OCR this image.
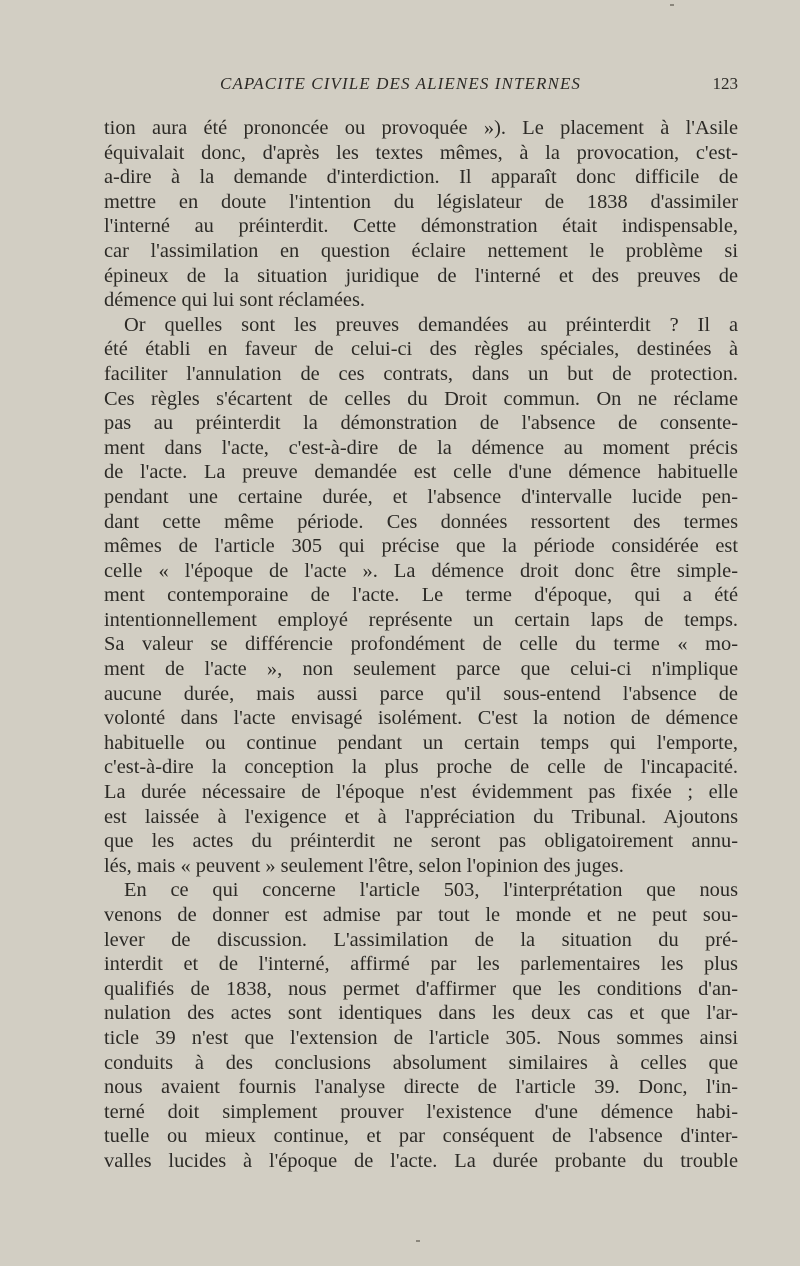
CAPACITE CIVILE DES ALIENES INTERNES	123
tion aura été prononcée ou provoquée »). Le placement à l'Asile
équivalait donc, d'après les textes mêmes, à la provocation, c'est-
a-dire à la demande d'interdiction. Il apparaît donc difficile de
mettre en doute l'intention du législateur de 1838 d'assimiler
l'interné au préinterdit. Cette démonstration était indispensable,
car l'assimilation en question éclaire nettement le problème si
épineux de la situation juridique de l'interné et des preuves de
démence qui lui sont réclamées.
Or quelles sont les preuves demandées au préinterdit ? Il a
été établi en faveur de celui-ci des règles spéciales, destinées à
faciliter l'annulation de ces contrats, dans un but de protection.
Ces règles s'écartent de celles du Droit commun. On ne réclame
pas au préinterdit la démonstration de l'absence de consente-
ment dans l'acte, c'est-à-dire de la démence au moment précis
de l'acte. La preuve demandée est celle d'une démence habituelle
pendant une certaine durée, et l'absence d'intervalle lucide pen-
dant cette même période. Ces données ressortent des termes
mêmes de l'article 305 qui précise que la période considérée est
celle « l'époque de l'acte ». La démence droit donc être simple-
ment contemporaine de l'acte. Le terme d'époque, qui a été
intentionnellement employé représente un certain laps de temps.
Sa valeur se différencie profondément de celle du terme « mo-
ment de l'acte », non seulement parce que celui-ci n'implique
aucune durée, mais aussi parce qu'il sous-entend l'absence de
volonté dans l'acte envisagé isolément. C'est la notion de démence
habituelle ou continue pendant un certain temps qui l'emporte,
c'est-à-dire la conception la plus proche de celle de l'incapacité.
La durée nécessaire de l'époque n'est évidemment pas fixée ; elle
est laissée à l'exigence et à l'appréciation du Tribunal. Ajoutons
que les actes du préinterdit ne seront pas obligatoirement annu-
lés, mais « peuvent » seulement l'être, selon l'opinion des juges.
En ce qui concerne l'article 503, l'interprétation que nous
venons de donner est admise par tout le monde et ne peut sou-
lever de discussion. L'assimilation de la situation du pré-
interdit et de l'interné, affirmé par les parlementaires les plus
qualifiés de 1838, nous permet d'affirmer que les conditions d'an-
nulation des actes sont identiques dans les deux cas et que l'ar-
ticle 39 n'est que l'extension de l'article 305. Nous sommes ainsi
conduits à des conclusions absolument similaires à celles que
nous avaient fournis l'analyse directe de l'article 39. Donc, l'in-
terné doit simplement prouver l'existence d'une démence habi-
tuelle ou mieux continue, et par conséquent de l'absence d'inter-
valles lucides à l'époque de l'acte. La durée probante du trouble
